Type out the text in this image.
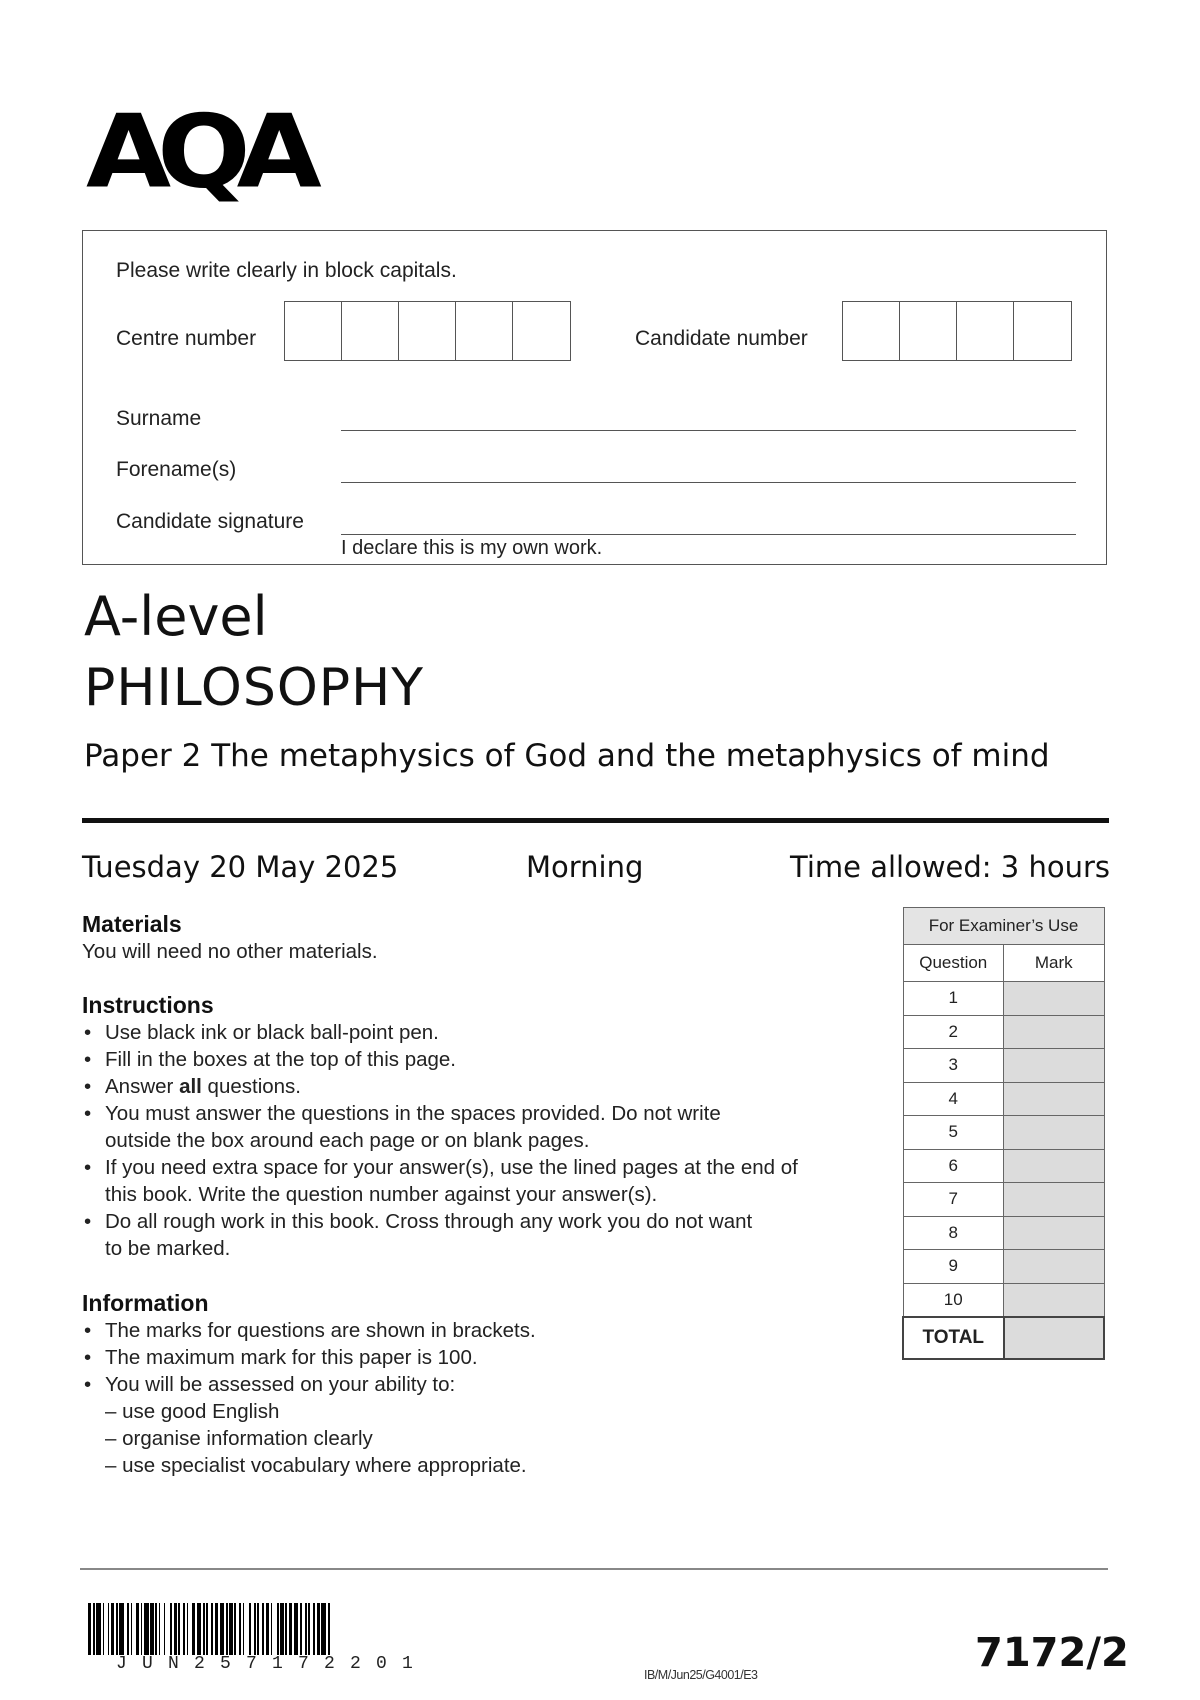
AQA
Please write clearly in block capitals.
Centre number	Candidate number
Surname
Forename(s)
Candidate signature
I declare this is my own work.
A-level
PHILOSOPHY
Paper 2 The metaphysics of God and the metaphysics of mind
Tuesday 20 May 2025	Morning	Time allowed: 3 hours
Materials
You will need no other materials.
Instructions
• Use black ink or black ball-point pen.
• Fill in the boxes at the top of this page.
• Answer all questions.
• You must answer the questions in the spaces provided. Do not write
outside the box around each page or on blank pages.
• If you need extra space for your answer(s), use the lined pages at the end of
this book. Write the question number against your answer(s).
• Do all rough work in this book. Cross through any work you do not want
to be marked.
Information
• The marks for questions are shown in brackets.
• The maximum mark for this paper is 100.
• You will be assessed on your ability to:
– use good English
– organise information clearly
– use specialist vocabulary where appropriate.
For Examiner’s Use	
Question	Mark
1	
2	
3	
4	
5	
6	
7	
8	
9	
10	
TOTAL	
JUN257172201
IB/M/Jun25/G4001/E3	7172/2
